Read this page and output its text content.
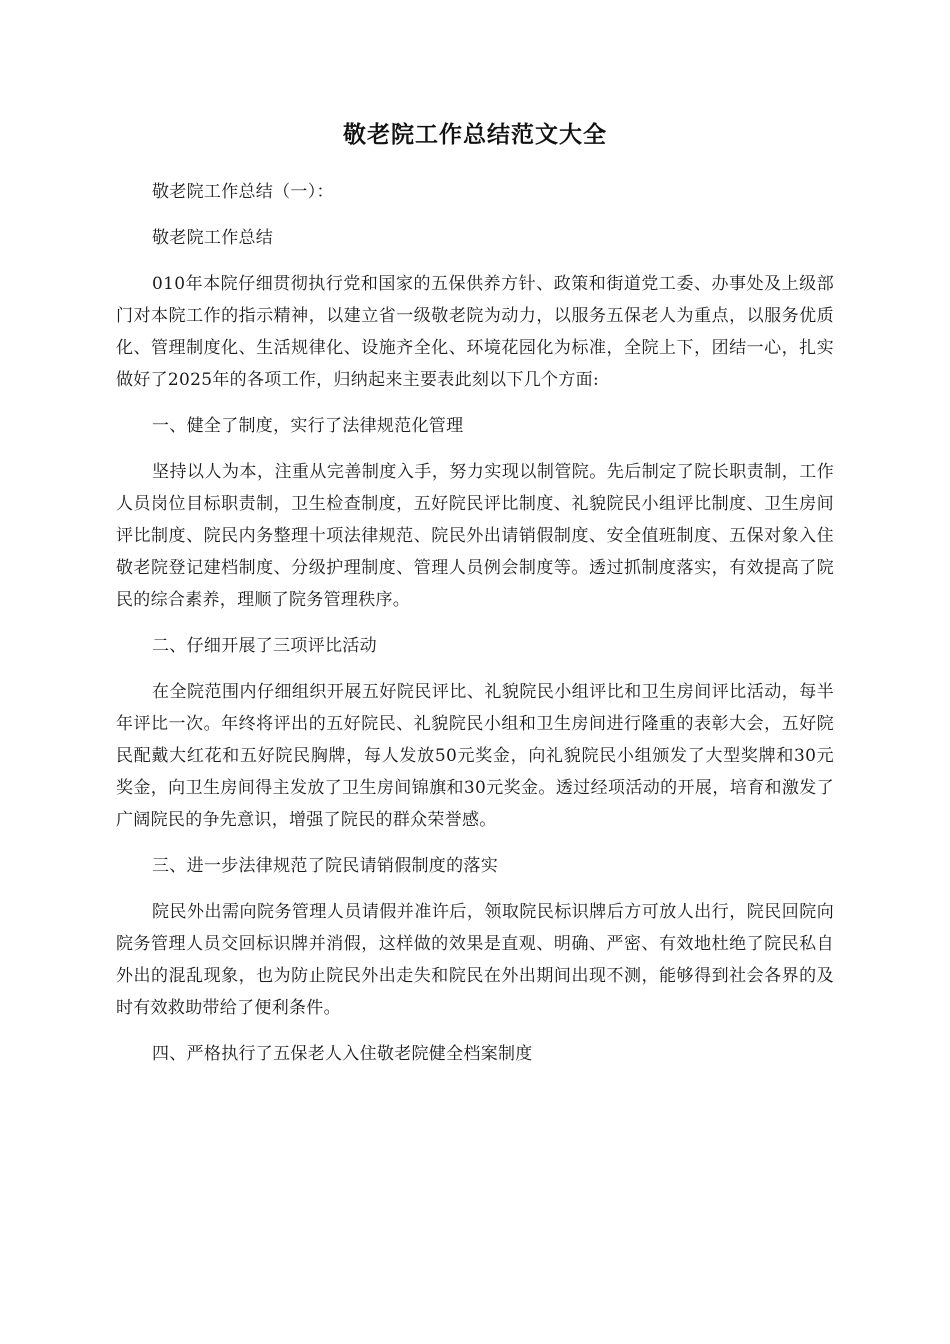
敬老院工作总结范文大全

敬老院工作总结（一）：

敬老院工作总结

010年本院仔细贯彻执行党和国家的五保供养方针、政策和街道党工委、办事处及上级部门对本院工作的指示精神，以建立省一级敬老院为动力，以服务五保老人为重点，以服务优质化、管理制度化、生活规律化、设施齐全化、环境花园化为标准，全院上下，团结一心，扎实做好了2025年的各项工作，归纳起来主要表此刻以下几个方面:

一、健全了制度，实行了法律规范化管理

坚持以人为本，注重从完善制度入手，努力实现以制管院。先后制定了院长职责制，工作人员岗位目标职责制，卫生检查制度，五好院民评比制度、礼貌院民小组评比制度、卫生房间评比制度、院民内务整理十项法律规范、院民外出请销假制度、安全值班制度、五保对象入住敬老院登记建档制度、分级护理制度、管理人员例会制度等。透过抓制度落实，有效提高了院民的综合素养，理顺了院务管理秩序。

二、仔细开展了三项评比活动

在全院范围内仔细组织开展五好院民评比、礼貌院民小组评比和卫生房间评比活动，每半年评比一次。年终将评出的五好院民、礼貌院民小组和卫生房间进行隆重的表彰大会，五好院民配戴大红花和五好院民胸牌，每人发放50元奖金，向礼貌院民小组颁发了大型奖牌和30元奖金，向卫生房间得主发放了卫生房间锦旗和30元奖金。透过经项活动的开展，培育和激发了广阔院民的争先意识，增强了院民的群众荣誉感。

三、进一步法律规范了院民请销假制度的落实

院民外出需向院务管理人员请假并准许后，领取院民标识牌后方可放人出行，院民回院向院务管理人员交回标识牌并消假，这样做的效果是直观、明确、严密、有效地杜绝了院民私自外出的混乱现象，也为防止院民外出走失和院民在外出期间出现不测，能够得到社会各界的及时有效救助带给了便利条件。

四、严格执行了五保老人入住敬老院健全档案制度
